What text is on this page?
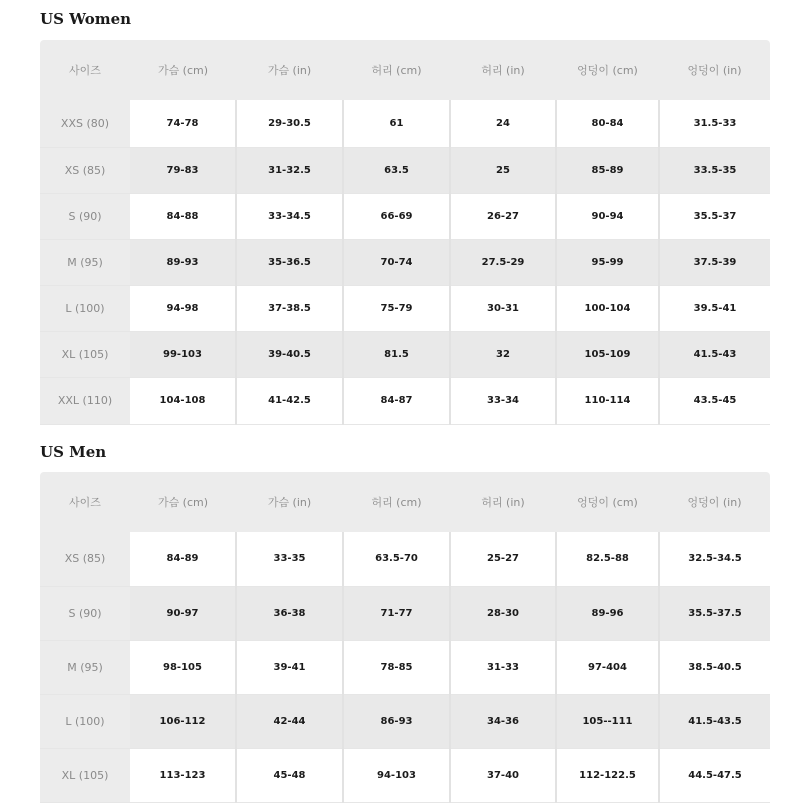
US Women
사이즈	가슴 (cm)	가슴 (in)	허리 (cm)	허리 (in)	엉덩이 (cm)	엉덩이 (in)
XXS (80)	74-78	29-30.5	61	24	80-84	31.5-33
XS (85)	79-83	31-32.5	63.5	25	85-89	33.5-35
S (90)	84-88	33-34.5	66-69	26-27	90-94	35.5-37
M (95)	89-93	35-36.5	70-74	27.5-29	95-99	37.5-39
L (100)	94-98	37-38.5	75-79	30-31	100-104	39.5-41
XL (105)	99-103	39-40.5	81.5	32	105-109	41.5-43
XXL (110)	104-108	41-42.5	84-87	33-34	110-114	43.5-45
US Men
사이즈	가슴 (cm)	가슴 (in)	허리 (cm)	허리 (in)	엉덩이 (cm)	엉덩이 (in)
XS (85)	84-89	33-35	63.5-70	25-27	82.5-88	32.5-34.5
S (90)	90-97	36-38	71-77	28-30	89-96	35.5-37.5
M (95)	98-105	39-41	78-85	31-33	97-404	38.5-40.5
L (100)	106-112	42-44	86-93	34-36	105--111	41.5-43.5
XL (105)	113-123	45-48	94-103	37-40	112-122.5	44.5-47.5
